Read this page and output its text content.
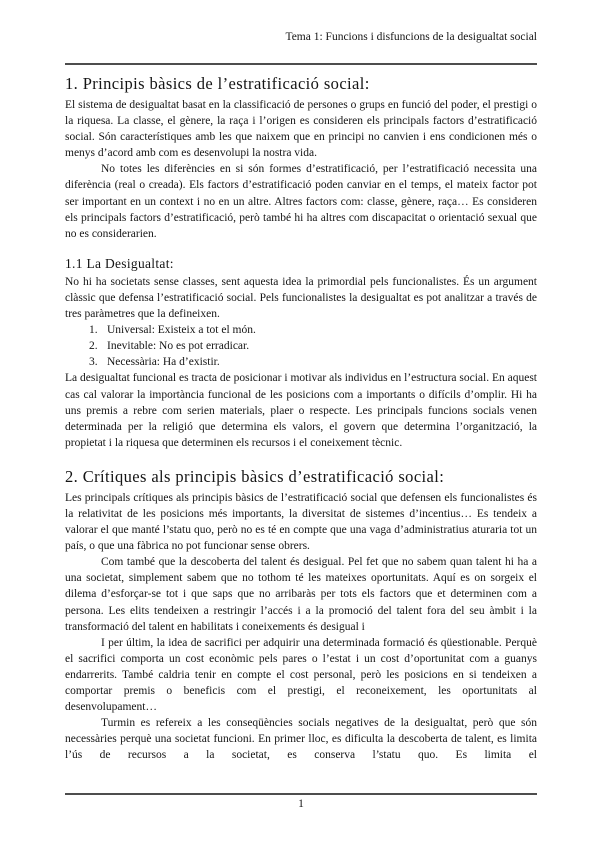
Tema 1: Funcions i disfuncions de la desigualtat social
1. Principis bàsics de l’estratificació social:

El sistema de desigualtat basat en la classificació de persones o grups en funció del poder, el prestigi o la riquesa. La classe, el gènere, la raça i l’origen es consideren els principals factors d’estratificació social. Són característiques amb les que naixem que en principi no canvien i ens condicionen més o menys d’acord amb com es desenvolupi la nostra vida.

No totes les diferències en si són formes d’estratificació, per l’estratificació necessita una diferència (real o creada). Els factors d’estratificació poden canviar en el temps, el mateix factor pot ser important en un context i no en un altre. Altres factors com: classe, gènere, raça… Es consideren els principals factors d’estratificació, però també hi ha altres com discapacitat o orientació sexual que no es considerarien.

1.1 La Desigualtat:

No hi ha societats sense classes, sent aquesta idea la primordial pels funcionalistes. És un argument clàssic que defensa l’estratificació social. Pels funcionalistes la desigualtat es pot analitzar a través de tres paràmetres que la defineixen.

1. Universal: Existeix a tot el món.
2. Inevitable: No es pot erradicar.
3. Necessària: Ha d’existir.

La desigualtat funcional es tracta de posicionar i motivar als individus en l’estructura social. En aquest cas cal valorar la importància funcional de les posicions com a importants o difícils d’omplir. Hi ha uns premis a rebre com serien materials, plaer o respecte. Les principals funcions socials venen determinada per la religió que determina els valors, el govern que determina l’organització, la propietat i la riquesa que determinen els recursos i el coneixement tècnic.

2. Crítiques als principis bàsics d’estratificació social:

Les principals crítiques als principis bàsics de l’estratificació social que defensen els funcionalistes és la relativitat de les posicions més importants, la diversitat de sistemes d’incentius… Es tendeix a valorar el que manté l’statu quo, però no es té en compte que una vaga d’administratius aturaria tot un país, o que una fàbrica no pot funcionar sense obrers.

Com també que la descoberta del talent és desigual. Pel fet que no sabem quan talent hi ha a una societat, simplement sabem que no tothom té les mateixes oportunitats. Aquí es on sorgeix el dilema d’esforçar-se tot i que saps que no arribaràs per tots els factors que et determinen com a persona. Les elits tendeixen a restringir l’accés i a la promoció del talent fora del seu àmbit i la transformació del talent en habilitats i coneixements és desigual i

I per últim, la idea de sacrifici per adquirir una determinada formació és qüestionable. Perquè el sacrifici comporta un cost econòmic pels pares o l’estat i un cost d’oportunitat com a guanys endarrerits. També caldria tenir en compte el cost personal, però les posicions en si tendeixen a comportar premis o beneficis com el prestigi, el reconeixement, les oportunitats al desenvolupament…

Turmin es refereix a les conseqüències socials negatives de la desigualtat, però que són necessàries perquè una societat funcioni. En primer lloc, es dificulta la descoberta de talent, es limita l’ús de recursos a la societat, es conserva l’statu quo. Es limita el

1
